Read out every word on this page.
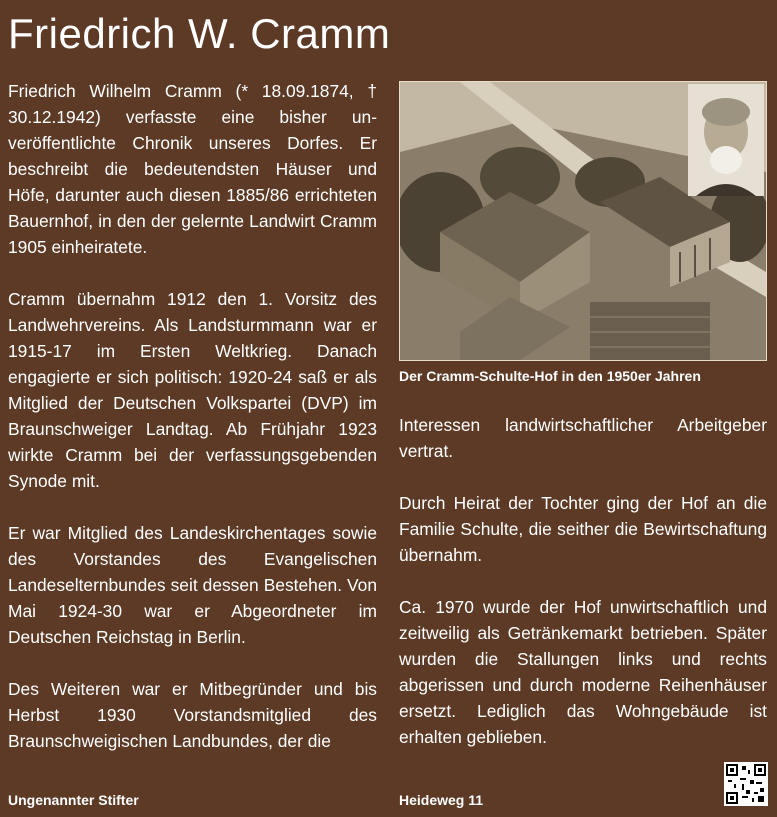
Friedrich W. Cramm

Friedrich Wilhelm Cramm (* 18.09.1874, † 30.12.1942) verfasste eine bisher unveröffentlichte Chronik unseres Dorfes. Er beschreibt die bedeutendsten Häuser und Höfe, darunter auch diesen 1885/86 errichteten Bauernhof, in den der gelernte Landwirt Cramm 1905 einheiratete.

Cramm übernahm 1912 den 1. Vorsitz des Landwehrvereins. Als Landsturmmann war er 1915-17 im Ersten Weltkrieg. Danach engagierte er sich politisch: 1920-24 saß er als Mitglied der Deutschen Volkspartei (DVP) im Braunschweiger Landtag. Ab Frühjahr 1923 wirkte Cramm bei der verfassungsgebenden Synode mit.

Er war Mitglied des Landeskirchentages sowie des Vorstandes des Evangelischen Landeselternbundes seit dessen Bestehen. Von Mai 1924-30 war er Abgeordneter im Deutschen Reichstag in Berlin.

Des Weiteren war er Mitbegründer und bis Herbst 1930 Vorstandsmitglied des Braunschweigischen Landbundes, der die

Der Cramm-Schulte-Hof in den 1950er Jahren

Interessen landwirtschaftlicher Arbeitgeber vertrat.

Durch Heirat der Tochter ging der Hof an die Familie Schulte, die seither die Bewirtschaftung übernahm.

Ca. 1970 wurde der Hof unwirtschaftlich und zeitweilig als Getränkemarkt betrieben. Später wurden die Stallungen links und rechts abgerissen und durch moderne Reihenhäuser ersetzt. Lediglich das Wohngebäude ist erhalten geblieben.

Ungenannter Stifter	Heideweg 11
